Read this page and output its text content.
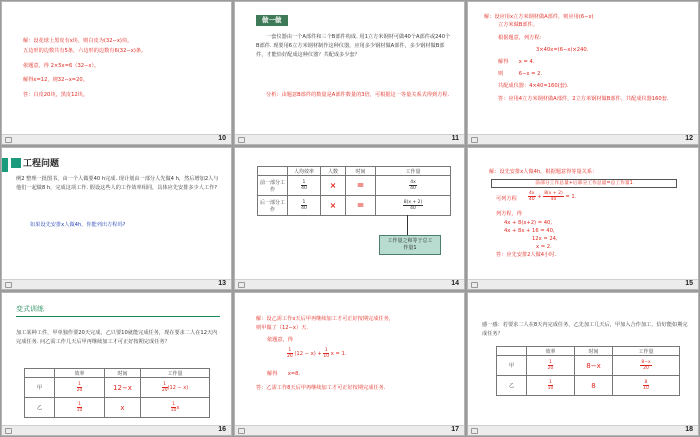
解：设花球上黑皮有x块，则白皮为(32−x)块。
五边形的边数共有5条，六边形的边数有6(32−x)条。
依题意，得 2×5x=6（32−x）。
解得x=12，则32−x=20。
答：白皮20块，黑皮12块。
10
做一做
一套仪器由一个A部件和三个B部件构成. 用1立方米钢材可做40个A部件或240个B部件. 现要用6立方米钢材制作这种仪器，应用多少钢材做A部件，多少钢材做B部件，才能恰好配成这种仪器？共配成多少套？
分析：由题意B部件的数量是A部件数量的3倍，可根据这一等量关系式得到方程.
11
解：设应用x立方米钢材做A部件，则应用(6−x)
立方米做B部件。
根据题意，列方程：
3×40x=(6−x)×240.
解得　　x = 4.
则　　　6−x = 2.
共配成仪器：4×40=160(套).
答：应用4立方米钢材做A部件，2立方米钢材做B部件，共配成仪器160套.
12
工程问题
例2 整理一批图书，由一个人做要40 h完成. 现计划由一部分人先做4 h，然后增加2人与他们一起做8 h，完成这项工作. 假设这些人的工作效率相同，具体应先安排多少人工作?
如果设先安排x人做4h，你能列出方程吗?
13
	人均效率	人数	时间	工作量
前一部分工作	$\frac{1}{40}$	×	=	$\frac{4x}{40}$

后一部分工作	$\frac{1}{40}$	×	=	$\frac{8(x + 2)}{40}$
工作量之和等于总工作量1
14
解：设先安排x人做4h，根据题意得等量关系：
前部分工作总量+后部分工作总量=总工作量1
可列方程 $\frac{4x}{40} + \frac{8(x + 2)}{40} = 1$.
列方程，得
4x + 8(x+2) = 40,
4x + 8x + 16 = 40,
12x = 24,
x = 2.
答：应先安排2人做4小时.
15
变式训练
加工某种工件，甲单独作要20天完成，乙只要10就能完成任务，现在要求二人在12天内完成任务. 问乙需工作几天后甲再继续加工才可正好按期完成任务？
	效率	时间	工作量
甲	$\frac{1}{20}$	12−x	$\frac{1}{20} (12 - x)$
乙	$\frac{1}{10}$	x	$\frac{1}{10}$ x
16
解：设乙需工作x天后甲再继续加工才可正好按期完成任务，
则甲做了（12−x）天.
依题意，得
$\frac{1}{20} (12 - x) + \frac{1}{10}$ x = 1.
解得　　x=8.
答：乙需工作8天后甲再继续加工才可正好按期完成任务.
17
感一感：若要求二人在8天内完成任务，乙先加工几天后，甲加入合作加工，恰好能如期完成任务？
	效率	时间	工作量
甲	$\frac{1}{20}$	8−x	$\frac{8-x}{20}$

乙	$\frac{1}{10}$	8	$\frac{8}{10}$
18
